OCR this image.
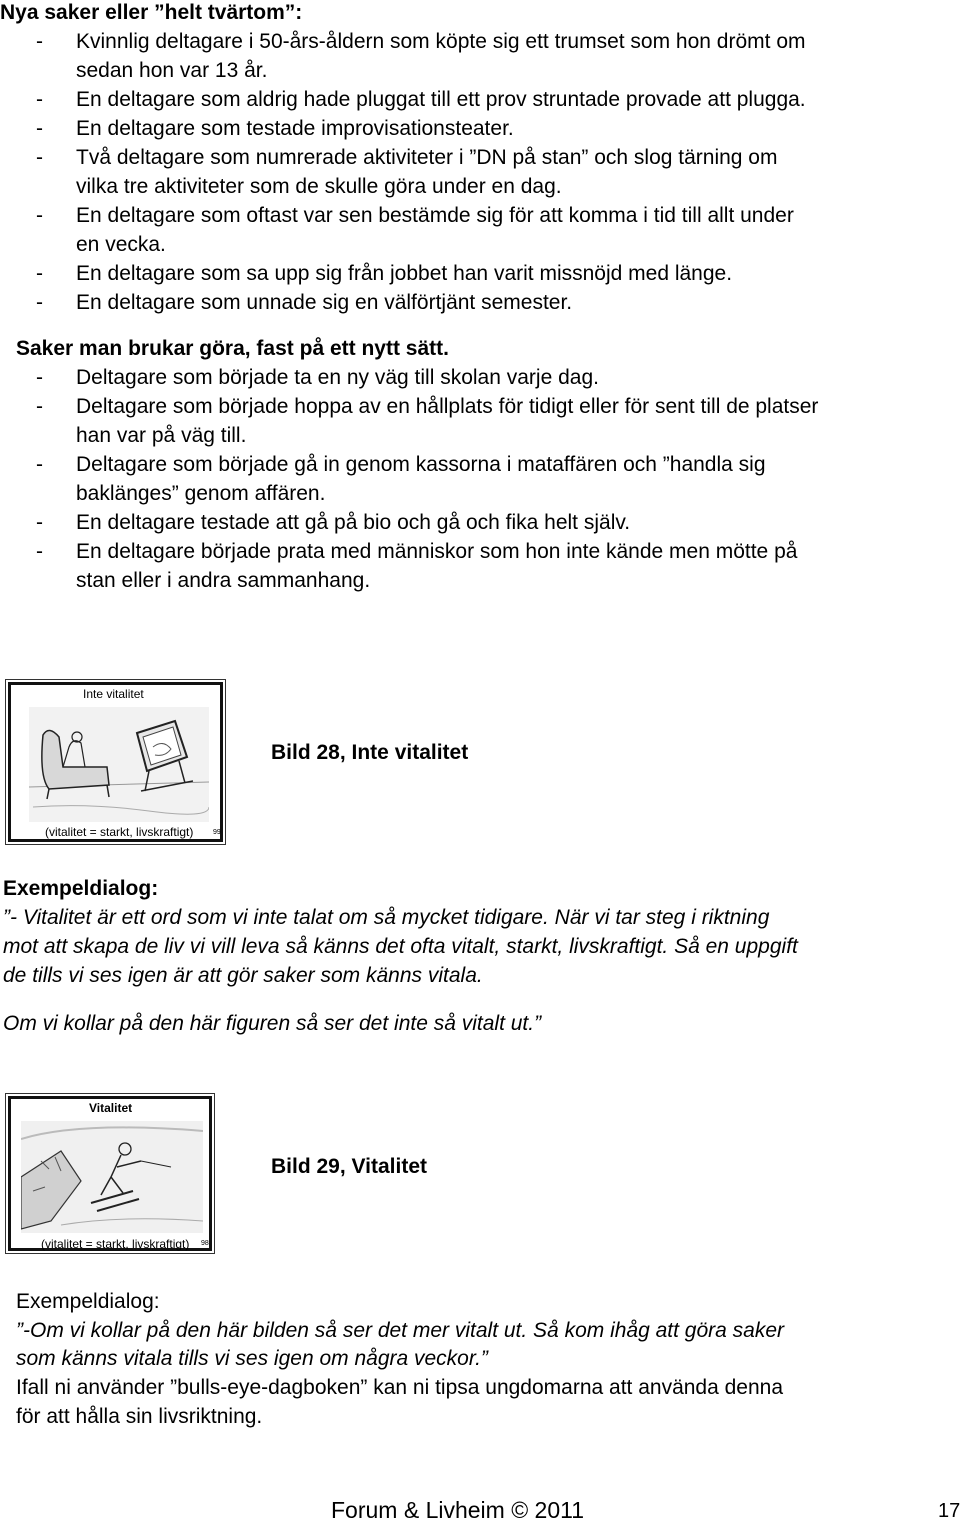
Nya saker eller ”helt tvärtom”:
- Kvinnlig deltagare i 50-års-åldern som köpte sig ett trumset som hon drömt om
sedan hon var 13 år.
- En deltagare som aldrig hade pluggat till ett prov struntade provade att plugga.
- En deltagare som testade improvisationsteater.
- Två deltagare som numrerade aktiviteter i ”DN på stan” och slog tärning om
vilka tre aktiviteter som de skulle göra under en dag.
- En deltagare som oftast var sen bestämde sig för att komma i tid till allt under
en vecka.
- En deltagare som sa upp sig från jobbet han varit missnöjd med länge.
- En deltagare som unnade sig en välförtjänt semester.
Saker man brukar göra, fast på ett nytt sätt.
- Deltagare som började ta en ny väg till skolan varje dag.
- Deltagare som började hoppa av en hållplats för tidigt eller för sent till de platser
han var på väg till.
- Deltagare som började gå in genom kassorna i mataffären och ”handla sig
baklänges” genom affären.
- En deltagare testade att gå på bio och gå och fika helt själv.
- En deltagare började prata med människor som hon inte kände men mötte på
stan eller i andra sammanhang.
Inte vitalitet
(vitalitet = starkt, livskraftigt)	99
Bild 28, Inte vitalitet
Exempeldialog:
”- Vitalitet är ett ord som vi inte talat om så mycket tidigare. När vi tar steg i riktning
mot att skapa de liv vi vill leva så känns det ofta vitalt, starkt, livskraftigt. Så en uppgift
de tills vi ses igen är att gör saker som känns vitala.
Om vi kollar på den här figuren så ser det inte så vitalt ut.”
Vitalitet
(vitalitet = starkt, livskraftigt) 98
Bild 29, Vitalitet
Exempeldialog:
”-Om vi kollar på den här bilden så ser det mer vitalt ut. Så kom ihåg att göra saker
som känns vitala tills vi ses igen om några veckor.”
Ifall ni använder ”bulls-eye-dagboken” kan ni tipsa ungdomarna att använda denna
för att hålla sin livsriktning.
Forum & Livheim © 2011	17
